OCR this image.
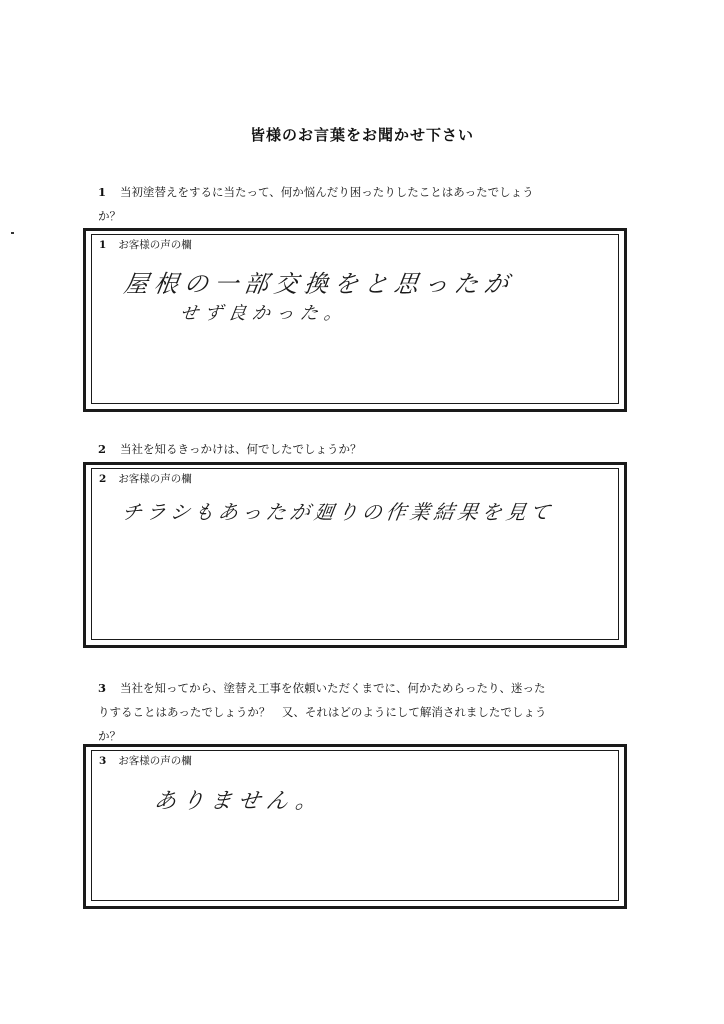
皆様のお言葉をお聞かせ下さい
1 当初塗替えをするに当たって、何か悩んだり困ったりしたことはあったでしょう
か？
1 お客様の声の欄
屋根の一部交換をと思ったが
せず良かった。
2 当社を知るきっかけは、何でしたでしょうか？
2 お客様の声の欄
チラシもあったが廻りの作業結果を見て
3 当社を知ってから、塗替え工事を依頼いただくまでに、何かためらったり、迷った
りすることはあったでしょうか？　又、それはどのようにして解消されましたでしょう
か？
3 お客様の声の欄
ありません。
